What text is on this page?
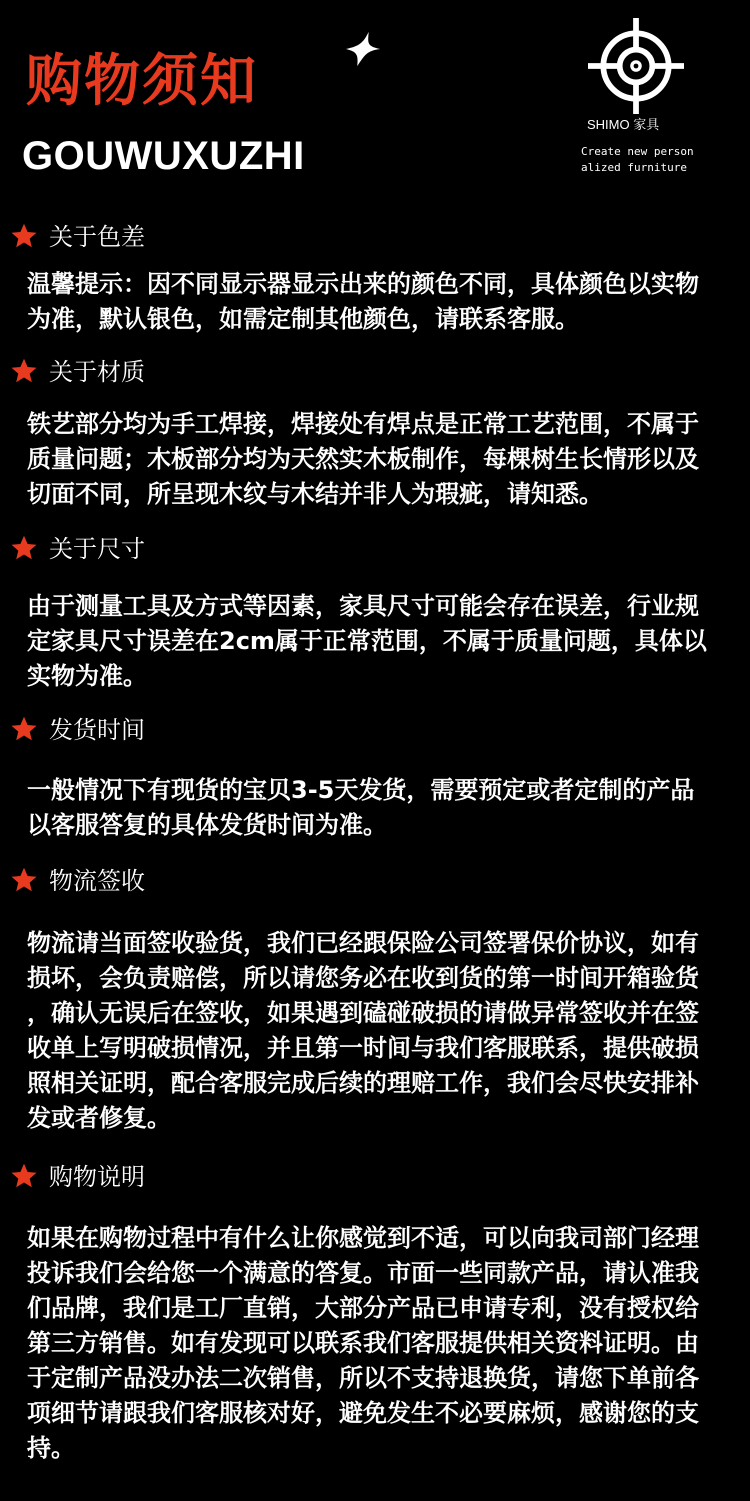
购物须知
GOUWUXUZHI
SHIMO 家具
Create new person
alized furniture
关于色差
温馨提示：因不同显示器显示出来的颜色不同，具体颜色以实物
为准，默认银色，如需定制其他颜色，请联系客服。
关于材质
铁艺部分均为手工焊接，焊接处有焊点是正常工艺范围，不属于
质量问题；木板部分均为天然实木板制作，每棵树生长情形以及
切面不同，所呈现木纹与木结并非人为瑕疵，请知悉。
关于尺寸
由于测量工具及方式等因素，家具尺寸可能会存在误差，行业规
定家具尺寸误差在2cm属于正常范围，不属于质量问题，具体以
实物为准。
发货时间
一般情况下有现货的宝贝3-5天发货，需要预定或者定制的产品
以客服答复的具体发货时间为准。
物流签收
物流请当面签收验货，我们已经跟保险公司签署保价协议，如有
损坏，会负责赔偿，所以请您务必在收到货的第一时间开箱验货
，确认无误后在签收，如果遇到磕碰破损的请做异常签收并在签
收单上写明破损情况，并且第一时间与我们客服联系，提供破损
照相关证明，配合客服完成后续的理赔工作，我们会尽快安排补
发或者修复。
购物说明
如果在购物过程中有什么让你感觉到不适，可以向我司部门经理
投诉我们会给您一个满意的答复。市面一些同款产品，请认准我
们品牌，我们是工厂直销，大部分产品已申请专利，没有授权给
第三方销售。如有发现可以联系我们客服提供相关资料证明。由
于定制产品没办法二次销售，所以不支持退换货，请您下单前各
项细节请跟我们客服核对好，避免发生不必要麻烦，感谢您的支
持。
